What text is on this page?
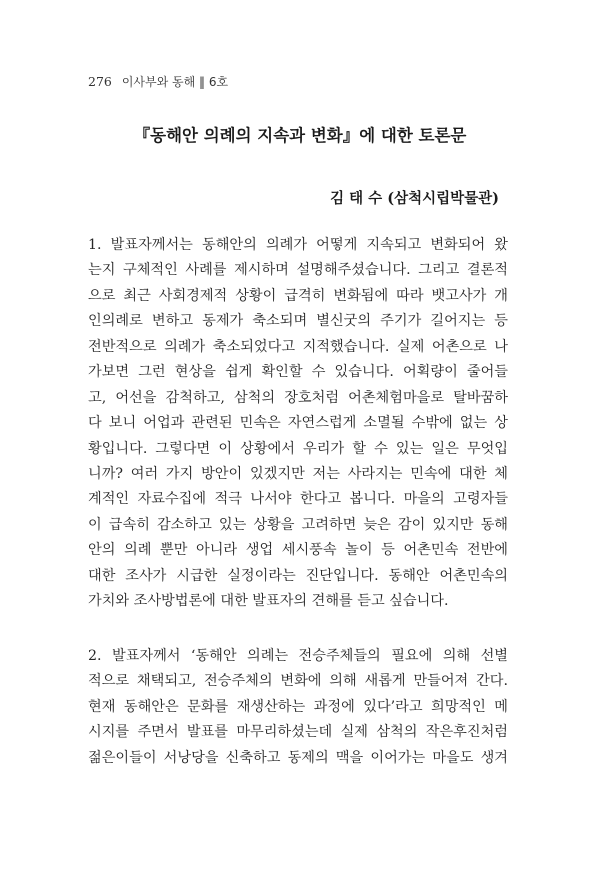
276 이사부와 동해 ‖ 6호
『동해안 의례의 지속과 변화』에 대한 토론문
김 태 수 (삼척시립박물관)
1. 발표자께서는 동해안의 의례가 어떻게 지속되고 변화되어 왔
는지 구체적인 사례를 제시하며 설명해주셨습니다. 그리고 결론적
으로 최근 사회경제적 상황이 급격히 변화됨에 따라 뱃고사가 개
인의례로 변하고 동제가 축소되며 별신굿의 주기가 길어지는 등
전반적으로 의례가 축소되었다고 지적했습니다. 실제 어촌으로 나
가보면 그런 현상을 쉽게 확인할 수 있습니다. 어획량이 줄어들
고, 어선을 감척하고, 삼척의 장호처럼 어촌체험마을로 탈바꿈하
다 보니 어업과 관련된 민속은 자연스럽게 소멸될 수밖에 없는 상
황입니다. 그렇다면 이 상황에서 우리가 할 수 있는 일은 무엇입
니까? 여러 가지 방안이 있겠지만 저는 사라지는 민속에 대한 체
계적인 자료수집에 적극 나서야 한다고 봅니다. 마을의 고령자들
이 급속히 감소하고 있는 상황을 고려하면 늦은 감이 있지만 동해
안의 의례 뿐만 아니라 생업 세시풍속 놀이 등 어촌민속 전반에
대한 조사가 시급한 실정이라는 진단입니다. 동해안 어촌민속의
가치와 조사방법론에 대한 발표자의 견해를 듣고 싶습니다.
2. 발표자께서 ‘동해안 의례는 전승주체들의 필요에 의해 선별
적으로 채택되고, 전승주체의 변화에 의해 새롭게 만들어져 간다.
현재 동해안은 문화를 재생산하는 과정에 있다’라고 희망적인 메
시지를 주면서 발표를 마무리하셨는데 실제 삼척의 작은후진처럼
젊은이들이 서낭당을 신축하고 동제의 맥을 이어가는 마을도 생겨
